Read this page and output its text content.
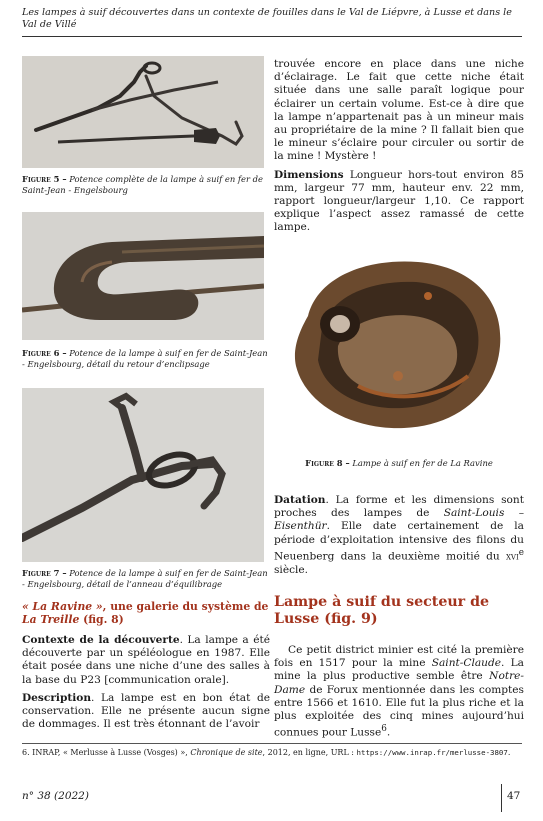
Les lampes à suif découvertes dans un contexte de fouilles dans le Val de Liépvre, à Lusse et dans le Val de Villé
Figure 5 – Potence complète de la lampe à suif en fer de Saint-Jean - Engelsbourg
Figure 6 – Potence de la lampe à suif en fer de Saint-Jean - Engelsbourg, détail du retour d’enclipsage
Figure 7 – Potence de la lampe à suif en fer de Saint-Jean - Engelsbourg, détail de l’anneau d’équilibrage
« La Ravine », une galerie du système de La Treille (fig. 8)

Contexte de la découverte. La lampe a été découverte par un spéléologue en 1987. Elle était posée dans une niche d’une des salles à la base du P23 [communication orale].

Description. La lampe est en bon état de conservation. Elle ne présente aucun signe de dommages. Il est très étonnant de l’avoir

trouvée encore en place dans une niche d’éclairage. Le fait que cette niche était située dans une salle paraît logique pour éclairer un certain volume. Est-ce à dire que la lampe n’appartenait pas à un mineur mais au propriétaire de la mine ? Il fallait bien que le mineur s’éclaire pour circuler ou sortir de la mine ! Mystère !

Dimensions Longueur hors-tout environ 85 mm, largeur 77 mm, hauteur env. 22 mm, rapport longueur/largeur 1,10. Ce rapport explique l’aspect assez ramassé de cette lampe.

Figure 8 – Lampe à suif en fer de La Ravine

Datation. La forme et les dimensions sont proches des lampes de Saint-Louis – Eisenthür. Elle date certainement de la période d’exploitation intensive des filons du Neuenberg dans la deuxième moitié du xvi$^e$ siècle.

Lampe à suif du secteur de Lusse (fig. 9)

Ce petit district minier est cité la première fois en 1517 pour la mine Saint-Claude. La mine la plus productive semble être Notre-Dame de Forux mentionnée dans les comptes entre 1566 et 1610. Elle fut la plus riche et la plus exploitée des cinq mines aujourd’hui connues pour Lusse$^6$.

6. INRAP, « Merlusse à Lusse (Vosges) », Chronique de site, 2012, en ligne, URL : https://www.inrap.fr/merlusse-3807.
n° 38 (2022)	47
